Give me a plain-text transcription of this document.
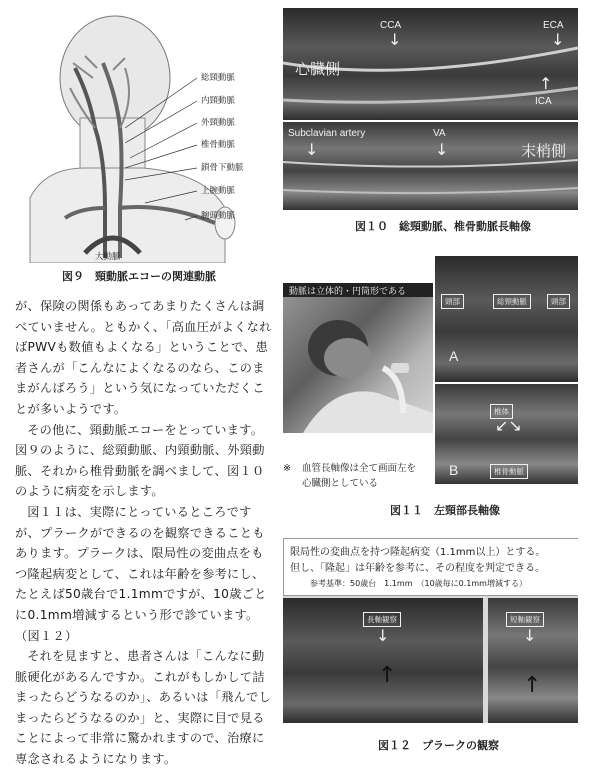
総頸動脈
内頸動脈
外頸動脈
椎骨動脈
鎖骨下動脈
上腕動脈
腕頭動脈
大動脈
図９　頸動脈エコーの関連動脈
CCA
↓
ECA
↓
心臓側
↑
ICA
Subclavian artery
↓
VA
↓	末梢側
図１０　総頸動脈、椎骨動脈長軸像
動脈は立体的・円筒形である
頭部	総頸動脈	頭部
A
椎体
↙↘
B	椎骨動脈
※ 血管長軸像は全て画面左を
心臓側としている
図１１　左頸部長軸像
限局性の変曲点を持つ隆起病変（1.1mm以上）とする。
但し、「隆起」は年齢を参考に、その程度を判定できる。
参考基準：50歳台　1.1mm　（10歳毎に0.1mm増減する）
長軸観察
↓
↑
短軸観察
↓
↑
図１２　プラークの観察

が、保険の関係もあってあまりたくさんは調べていません。ともかく、「高血圧がよくなればPWVも数値もよくなる」ということで、患者さんが「こんなによくなるのなら、このままがんばろう」という気になっていただくことが多いようです。

その他に、頸動脈エコーをとっています。図９のように、総頸動脈、内頸動脈、外頸動脈、それから椎骨動脈を調べまして、図１０のように病変を示します。

図１１は、実際にとっているところですが、プラークができるのを観察できることもあります。プラークは、限局性の変曲点をもつ隆起病変として、これは年齢を参考にし、たとえば50歳台で1.1mmですが、10歳ごとに0.1mm増減するという形で診ています。（図１２）

それを見ますと、患者さんは「こんなに動脈硬化があるんですか。これがもしかして詰まったらどうなるのか」、あるいは「飛んでしまったらどうなるのか」と、実際に目で見ることによって非常に驚かれますので、治療に専念されるようになります。
